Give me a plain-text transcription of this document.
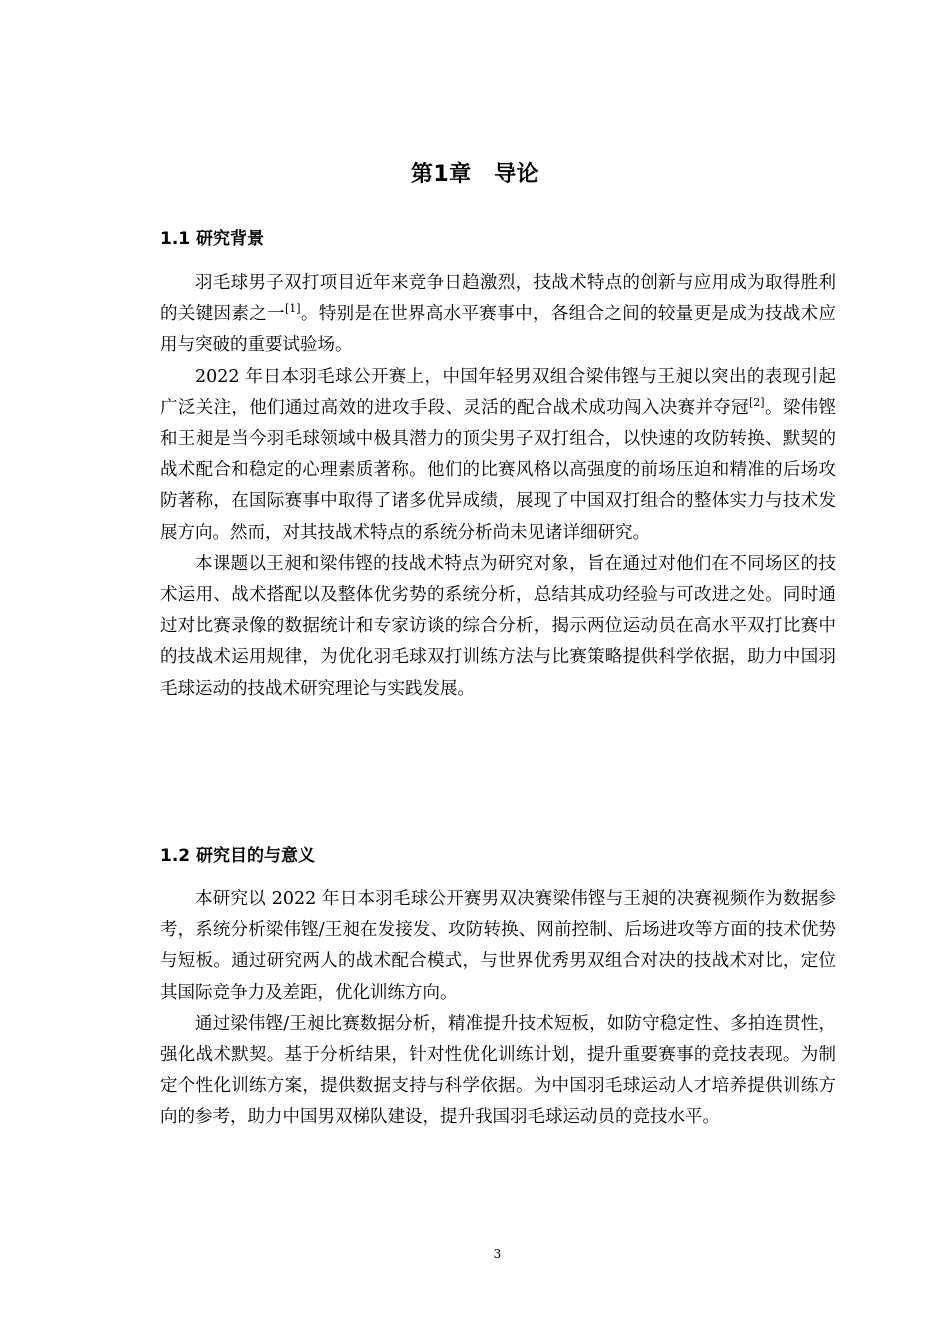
第1章　导论
1.1 研究背景

羽毛球男子双打项目近年来竞争日趋激烈，技战术特点的创新与应用成为取得胜利的关键因素之一[1]。特别是在世界高水平赛事中，各组合之间的较量更是成为技战术应用与突破的重要试验场。

2022 年日本羽毛球公开赛上，中国年轻男双组合梁伟铿与王昶以突出的表现引起广泛关注，他们通过高效的进攻手段、灵活的配合战术成功闯入决赛并夺冠[2]。梁伟铿和王昶是当今羽毛球领域中极具潜力的顶尖男子双打组合，以快速的攻防转换、默契的战术配合和稳定的心理素质著称。他们的比赛风格以高强度的前场压迫和精准的后场攻防著称，在国际赛事中取得了诸多优异成绩，展现了中国双打组合的整体实力与技术发展方向。然而，对其技战术特点的系统分析尚未见诸详细研究。

本课题以王昶和梁伟铿的技战术特点为研究对象，旨在通过对他们在不同场区的技术运用、战术搭配以及整体优劣势的系统分析，总结其成功经验与可改进之处。同时通过对比赛录像的数据统计和专家访谈的综合分析，揭示两位运动员在高水平双打比赛中的技战术运用规律，为优化羽毛球双打训练方法与比赛策略提供科学依据，助力中国羽毛球运动的技战术研究理论与实践发展。

1.2 研究目的与意义

本研究以 2022 年日本羽毛球公开赛男双决赛梁伟铿与王昶的决赛视频作为数据参考，系统分析梁伟铿/王昶在发接发、攻防转换、网前控制、后场进攻等方面的技术优势与短板。通过研究两人的战术配合模式，与世界优秀男双组合对决的技战术对比，定位其国际竞争力及差距，优化训练方向。

通过梁伟铿/王昶比赛数据分析，精准提升技术短板，如防守稳定性、多拍连贯性，强化战术默契。基于分析结果，针对性优化训练计划，提升重要赛事的竞技表现。为制定个性化训练方案，提供数据支持与科学依据。为中国羽毛球运动人才培养提供训练方向的参考，助力中国男双梯队建设，提升我国羽毛球运动员的竞技水平。

3
